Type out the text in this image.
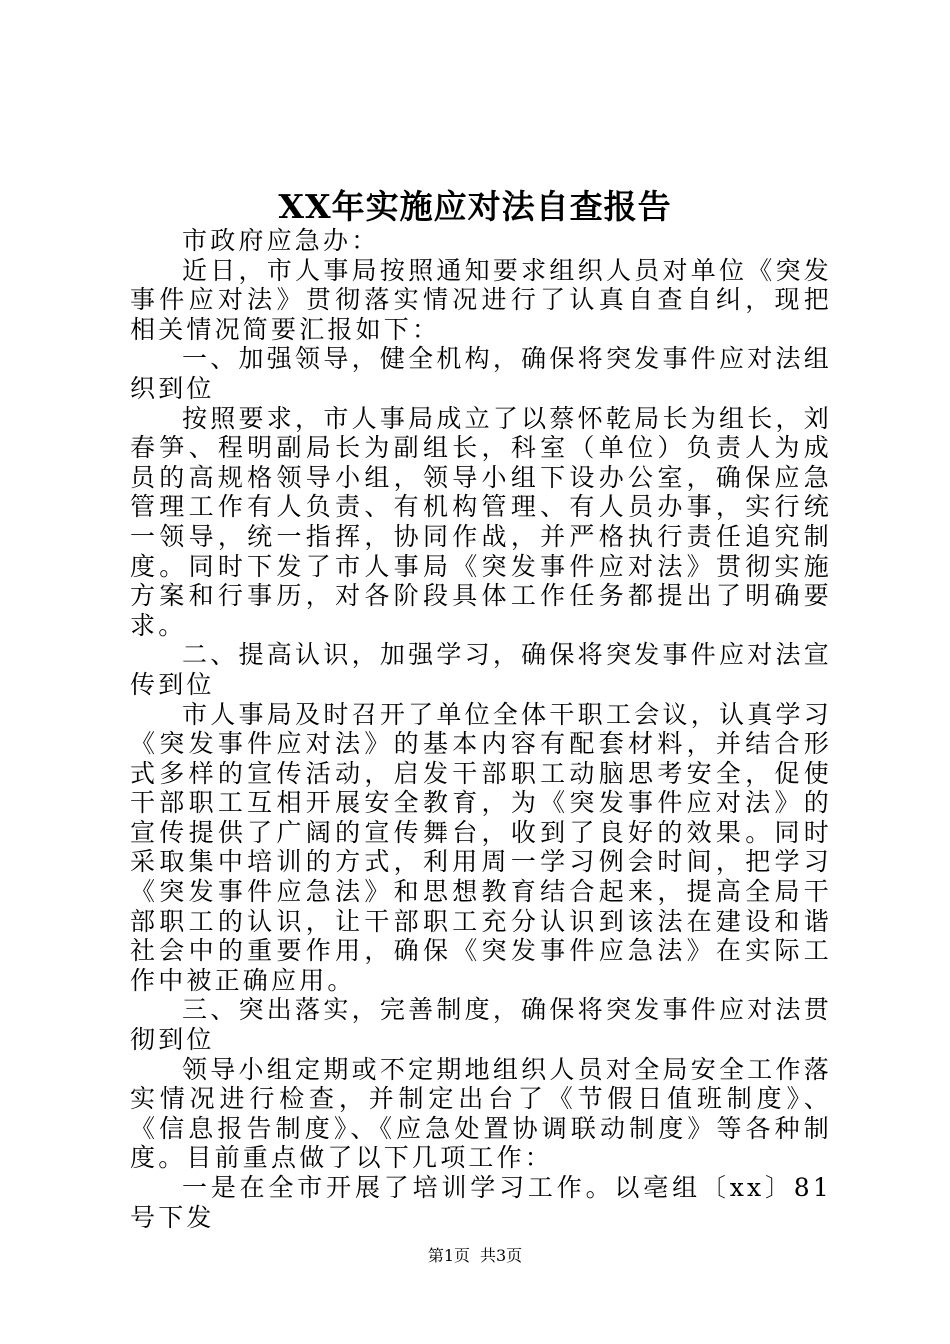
XX年实施应对法自查报告

市政府应急办：

近日，市人事局按照通知要求组织人员对单位《突发事件应对法》贯彻落实情况进行了认真自查自纠，现把相关情况简要汇报如下：

一、加强领导，健全机构，确保将突发事件应对法组织到位

按照要求，市人事局成立了以蔡怀乾局长为组长，刘春笋、程明副局长为副组长，科室（单位）负责人为成员的高规格领导小组，领导小组下设办公室，确保应急管理工作有人负责、有机构管理、有人员办事，实行统一领导，统一指挥，协同作战，并严格执行责任追究制度。同时下发了市人事局《突发事件应对法》贯彻实施方案和行事历，对各阶段具体工作任务都提出了明确要求。

二、提高认识，加强学习，确保将突发事件应对法宣传到位

市人事局及时召开了单位全体干职工会议，认真学习《突发事件应对法》的基本内容有配套材料，并结合形式多样的宣传活动，启发干部职工动脑思考安全，促使干部职工互相开展安全教育，为《突发事件应对法》的宣传提供了广阔的宣传舞台，收到了良好的效果。同时采取集中培训的方式，利用周一学习例会时间，把学习《突发事件应急法》和思想教育结合起来，提高全局干部职工的认识，让干部职工充分认识到该法在建设和谐社会中的重要作用，确保《突发事件应急法》在实际工作中被正确应用。

三、突出落实，完善制度，确保将突发事件应对法贯彻到位

领导小组定期或不定期地组织人员对全局安全工作落实情况进行检查，并制定出台了《节假日值班制度》、《信息报告制度》、《应急处置协调联动制度》等各种制度。目前重点做了以下几项工作：

一是在全市开展了培训学习工作。以亳组〔xx〕81号下发

第1页 共3页
